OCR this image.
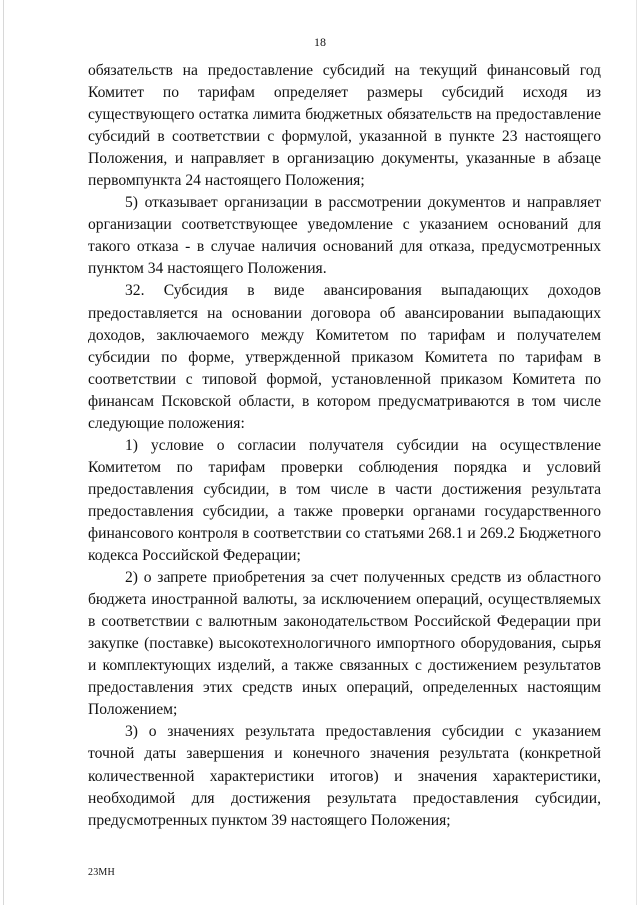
18

обязательств на предоставление субсидий на текущий финансовый год Комитет по тарифам определяет размеры субсидий исходя из существующего остатка лимита бюджетных обязательств на предоставление субсидий в соответствии с формулой, указанной в пункте 23 настоящего Положения, и направляет в организацию документы, указанные в абзаце первомпункта 24 настоящего Положения;

5) отказывает организации в рассмотрении документов и направляет организации соответствующее уведомление с указанием оснований для такого отказа - в случае наличия оснований для отказа, предусмотренных пунктом 34 настоящего Положения.

32. Субсидия в виде авансирования выпадающих доходов предоставляется на основании договора об авансировании выпадающих доходов, заключаемого между Комитетом по тарифам и получателем субсидии по форме, утвержденной приказом Комитета по тарифам в соответствии с типовой формой, установленной приказом Комитета по финансам Псковской области, в котором предусматриваются в том числе следующие положения:

1) условие о согласии получателя субсидии на осуществление Комитетом по тарифам проверки соблюдения порядка и условий предоставления субсидии, в том числе в части достижения результата предоставления субсидии, а также проверки органами государственного финансового контроля в соответствии со статьями 268.1 и 269.2 Бюджетного кодекса Российской Федерации;

2) о запрете приобретения за счет полученных средств из областного бюджета иностранной валюты, за исключением операций, осуществляемых в соответствии с валютным законодательством Российской Федерации при закупке (поставке) высокотехнологичного импортного оборудования, сырья и комплектующих изделий, а также связанных с достижением результатов предоставления этих средств иных операций, определенных настоящим Положением;

3) о значениях результата предоставления субсидии с указанием точной даты завершения и конечного значения результата (конкретной количественной характеристики итогов) и значения характеристики, необходимой для достижения результата предоставления субсидии, предусмотренных пунктом 39 настоящего Положения;

23МН
